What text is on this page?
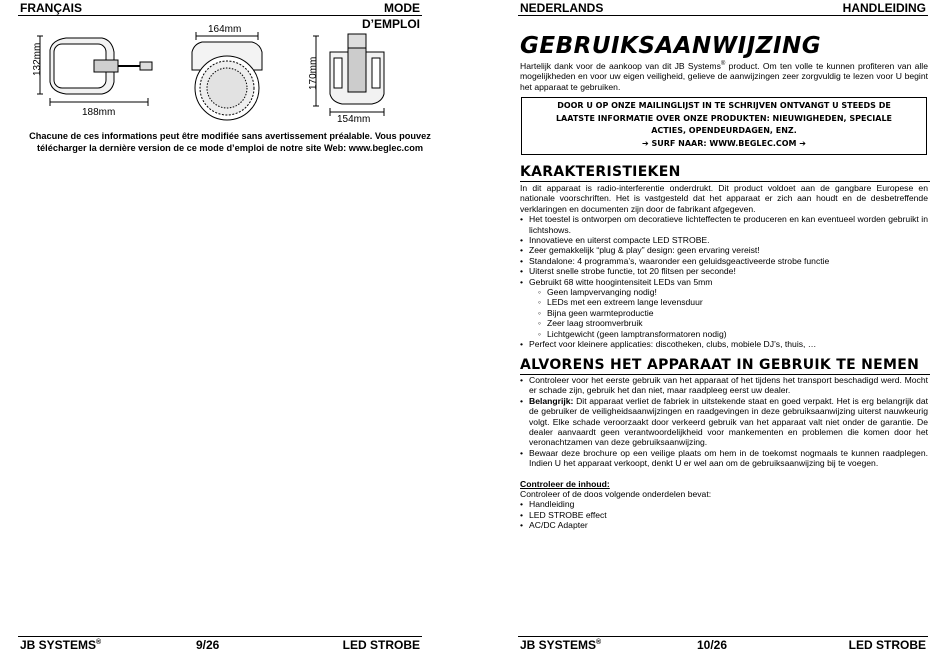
FRANÇAIS	MODE D’EMPLOI
132mm
188mm
164mm
170mm
154mm
Chacune de ces informations peut être modifiée sans avertissement préalable. Vous pouvez télécharger la dernière version de ce mode d’emploi de notre site Web: www.beglec.com
JB SYSTEMS®	9/26	LED STROBE
NEDERLANDS	HANDLEIDING
GEBRUIKSAANWIJZING
Hartelijk dank voor de aankoop van dit JB Systems® product. Om ten volle te kunnen profiteren van alle mogelijkheden en voor uw eigen veiligheid, gelieve de aanwijzingen zeer zorgvuldig te lezen voor U begint het apparaat te gebruiken.
DOOR U OP ONZE MAILINGLIJST IN TE SCHRIJVEN ONTVANGT U STEEDS DE
LAATSTE INFORMATIE OVER ONZE PRODUKTEN: NIEUWIGHEDEN, SPECIALE
ACTIES, OPENDEURDAGEN, ENZ.
➔ SURF NAAR: WWW.BEGLEC.COM ➔
KARAKTERISTIEKEN
In dit apparaat is radio-interferentie onderdrukt. Dit product voldoet aan de gangbare Europese en nationale voorschriften. Het is vastgesteld dat het apparaat er zich aan houdt en de desbetreffende verklaringen en documenten zijn door de fabrikant afgegeven.
• Het toestel is ontworpen om decoratieve lichteffecten te produceren en kan eventueel worden gebruikt in lichtshows.
• Innovatieve en uiterst compacte LED STROBE.
• Zeer gemakkelijk “plug & play” design: geen ervaring vereist!
• Standalone: 4 programma’s, waaronder een geluidsgeactiveerde strobe functie
• Uiterst snelle strobe functie, tot 20 flitsen per seconde!
• Gebruikt 68 witte hoogintensiteit LEDs van 5mm
◦ Geen lampvervanging nodig!
◦ LEDs met een extreem lange levensduur
◦ Bijna geen warmteproductie
◦ Zeer laag stroomverbruik
◦ Lichtgewicht (geen lamptransformatoren nodig)
• Perfect voor kleinere applicaties: discotheken, clubs, mobiele DJ’s, thuis, …
ALVORENS HET APPARAAT IN GEBRUIK TE NEMEN
• Controleer voor het eerste gebruik van het apparaat of het tijdens het transport beschadigd werd. Mocht er schade zijn, gebruik het dan niet, maar raadpleeg eerst uw dealer.
• Belangrijk: Dit apparaat verliet de fabriek in uitstekende staat en goed verpakt. Het is erg belangrijk dat de gebruiker de veiligheidsaanwijzingen en raadgevingen in deze gebruiksaanwijzing uiterst nauwkeurig volgt. Elke schade veroorzaakt door verkeerd gebruik van het apparaat valt niet onder de garantie. De dealer aanvaardt geen verantwoordelijkheid voor mankementen en problemen die komen door het veronachtzamen van deze gebruiksaanwijzing.
• Bewaar deze brochure op een veilige plaats om hem in de toekomst nogmaals te kunnen raadplegen. Indien U het apparaat verkoopt, denkt U er wel aan om de gebruiksaanwijzing bij te voegen.
Controleer de inhoud:
Controleer of de doos volgende onderdelen bevat:
• Handleiding
• LED STROBE effect
• AC/DC Adapter
JB SYSTEMS®	10/26	LED STROBE
